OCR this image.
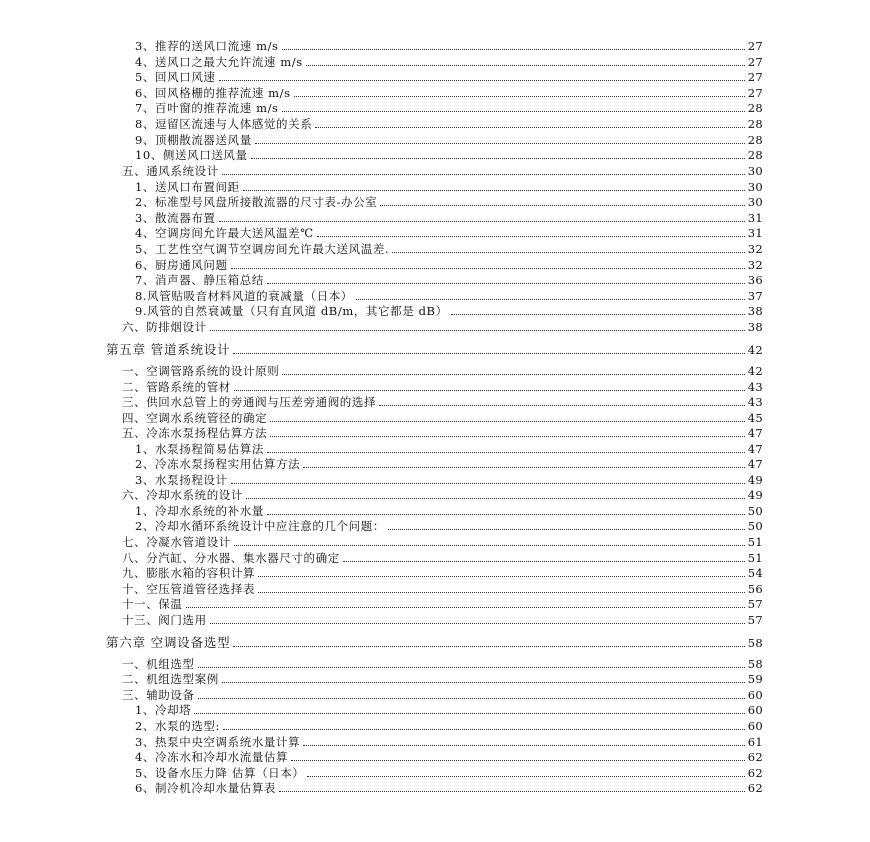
3、推荐的送风口流速 m/s	27
4、送风口之最大允许流速 m/s	27
5、回风口风速	27
6、回风格栅的推荐流速 m/s	27
7、百叶窗的推荐流速 m/s	28
8、逗留区流速与人体感觉的关系	28
9、顶棚散流器送风量	28
10、侧送风口送风量	28
五、通风系统设计	30
1、送风口布置间距	30
2、标准型号风盘所接散流器的尺寸表-办公室	30
3、散流器布置	31
4、空调房间允许最大送风温差℃	31
5、工艺性空气调节空调房间允许最大送风温差.	32
6、厨房通风问题	32
7、消声器、静压箱总结	36
8.风管贴吸音材料风道的衰减量（日本）	37
9.风管的自然衰减量（只有直风道 dB/m，其它都是 dB）	38
六、防排烟设计	38
第五章 管道系统设计	42
一、空调管路系统的设计原则	42
二、管路系统的管材	43
三、供回水总管上的旁通阀与压差旁通阀的选择	43
四、空调水系统管径的确定	45
五、冷冻水泵扬程估算方法	47
1、水泵扬程简易估算法	47
2、冷冻水泵扬程实用估算方法	47
3、水泵扬程设计	49
六、冷却水系统的设计	49
1、冷却水系统的补水量	50
2、冷却水循环系统设计中应注意的几个问题：	50
七、冷凝水管道设计	51
八、分汽缸、分水器、集水器尺寸的确定	51
九、膨胀水箱的容积计算	54
十、空压管道管径选择表	56
十一、保温	57
十三、阀门选用	57
第六章 空调设备选型	58
一、机组选型	58
二、机组选型案例	59
三、辅助设备	60
1、冷却塔	60
2、水泵的选型:	60
3、热泵中央空调系统水量计算	61
4、冷冻水和冷却水流量估算	62
5、设备水压力降 估算（日本）	62
6、制冷机冷却水量估算表	62
